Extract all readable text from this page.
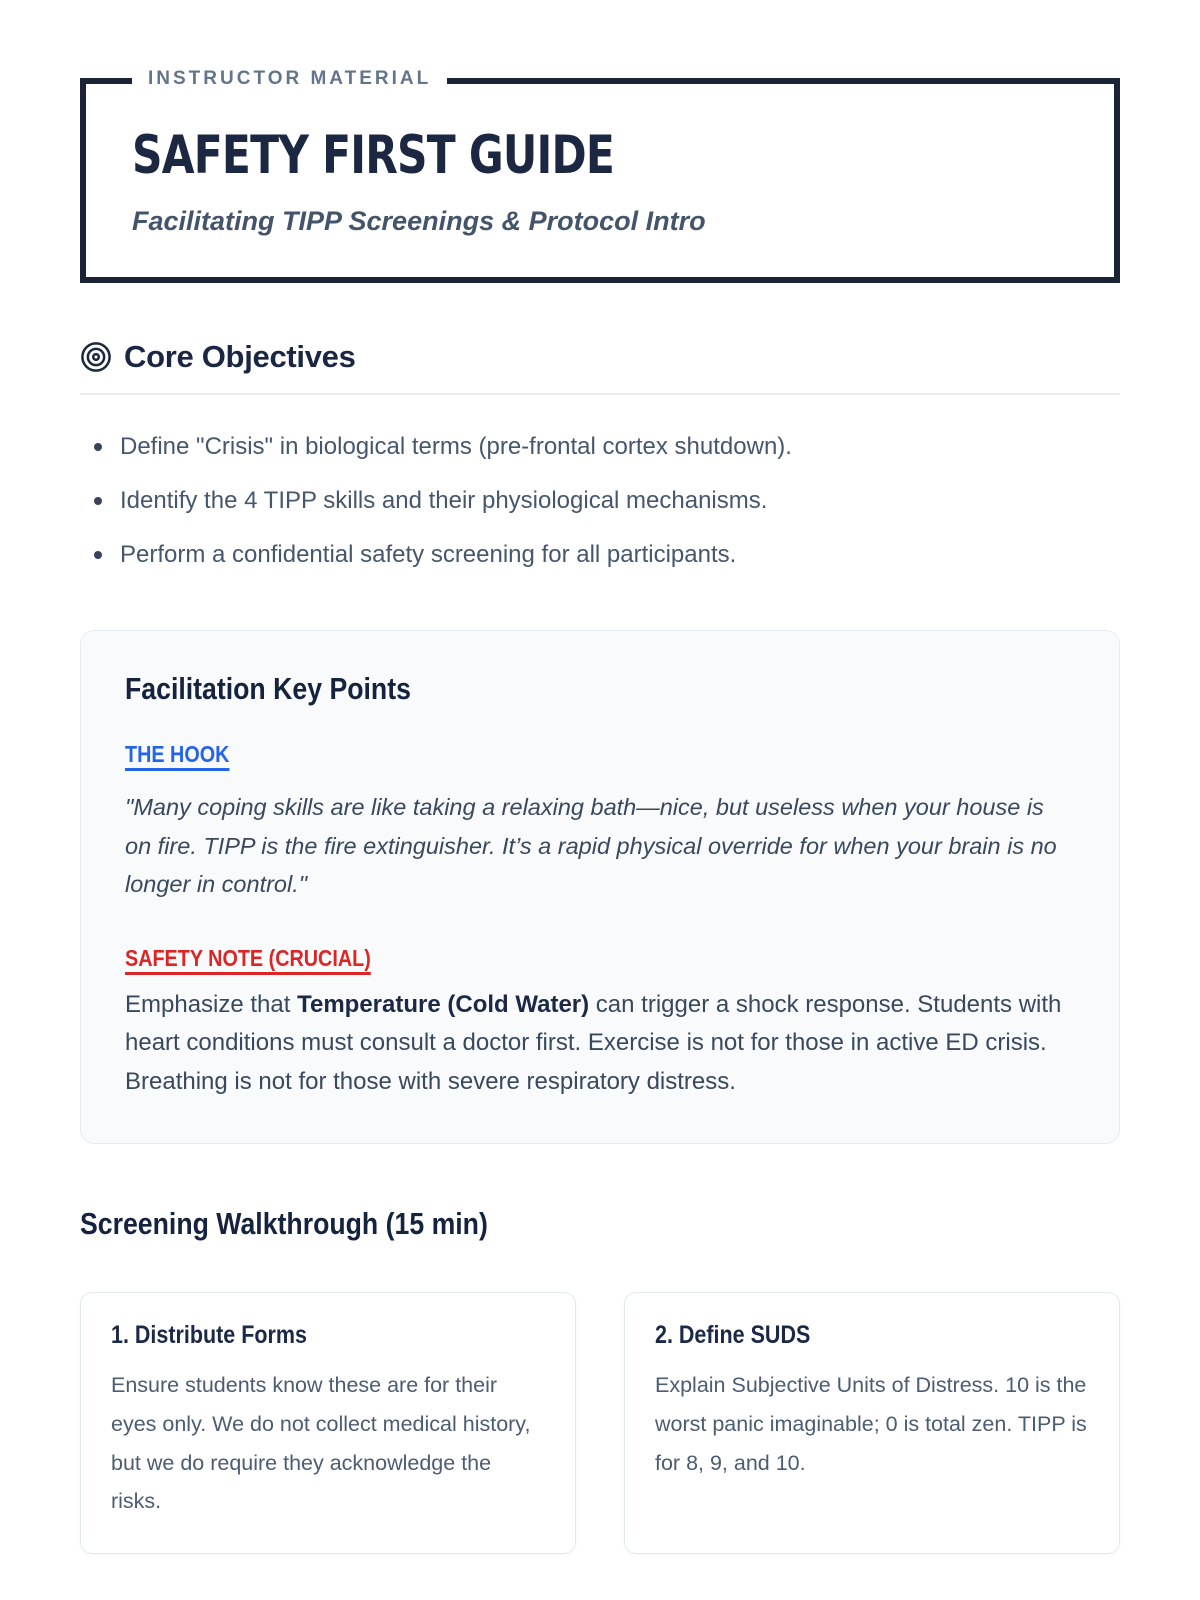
INSTRUCTOR MATERIAL
SAFETY FIRST GUIDE

Facilitating TIPP Screenings & Protocol Intro

Core Objectives
Define "Crisis" in biological terms (pre-frontal cortex shutdown).
Identify the 4 TIPP skills and their physiological mechanisms.
Perform a confidential safety screening for all participants.
Facilitation Key Points
THE HOOK

"Many coping skills are like taking a relaxing bath—nice, but useless when your house is on fire. TIPP is the fire extinguisher. It’s a rapid physical override for when your brain is no longer in control."

SAFETY NOTE (CRUCIAL)

Emphasize that Temperature (Cold Water) can trigger a shock response. Students with heart conditions must consult a doctor first. Exercise is not for those in active ED crisis. Breathing is not for those with severe respiratory distress.

Screening Walkthrough (15 min)
1. Distribute Forms

Ensure students know these are for their eyes only. We do not collect medical history, but we do require they acknowledge the risks.

2. Define SUDS

Explain Subjective Units of Distress. 10 is the worst panic imaginable; 0 is total zen. TIPP is for 8, 9, and 10.
